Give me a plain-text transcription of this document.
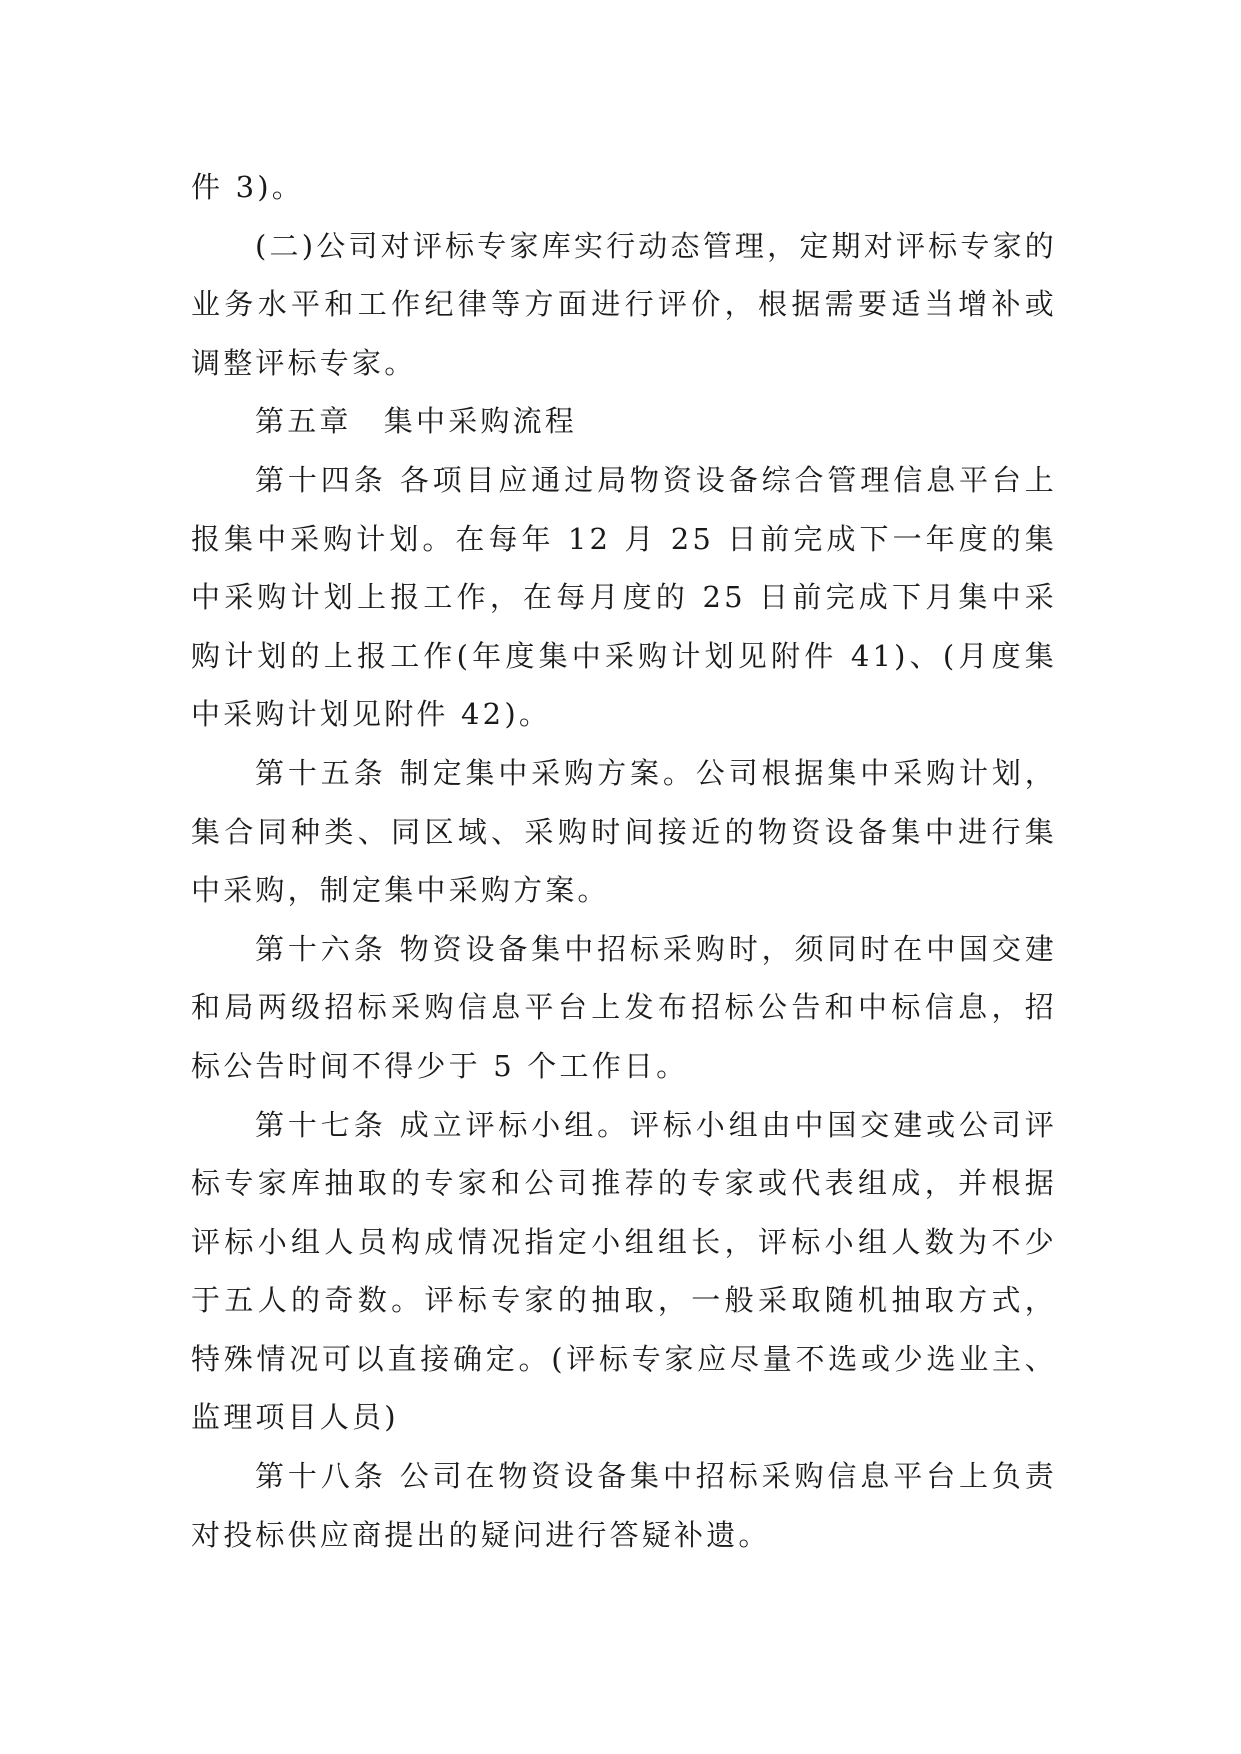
件 3)。

(二)公司对评标专家库实行动态管理，定期对评标专家的业务水平和工作纪律等方面进行评价，根据需要适当增补或调整评标专家。

第五章　集中采购流程

第十四条 各项目应通过局物资设备综合管理信息平台上报集中采购计划。在每年 12 月 25 日前完成下一年度的集中采购计划上报工作，在每月度的 25 日前完成下月集中采购计划的上报工作(年度集中采购计划见附件 41)、(月度集中采购计划见附件 42)。

第十五条 制定集中采购方案。公司根据集中采购计划，集合同种类、同区域、采购时间接近的物资设备集中进行集中采购，制定集中采购方案。

第十六条 物资设备集中招标采购时，须同时在中国交建和局两级招标采购信息平台上发布招标公告和中标信息，招标公告时间不得少于 5 个工作日。

第十七条 成立评标小组。评标小组由中国交建或公司评标专家库抽取的专家和公司推荐的专家或代表组成，并根据评标小组人员构成情况指定小组组长，评标小组人数为不少于五人的奇数。评标专家的抽取，一般采取随机抽取方式，特殊情况可以直接确定。(评标专家应尽量不选或少选业主、监理项目人员)

第十八条 公司在物资设备集中招标采购信息平台上负责对投标供应商提出的疑问进行答疑补遗。
